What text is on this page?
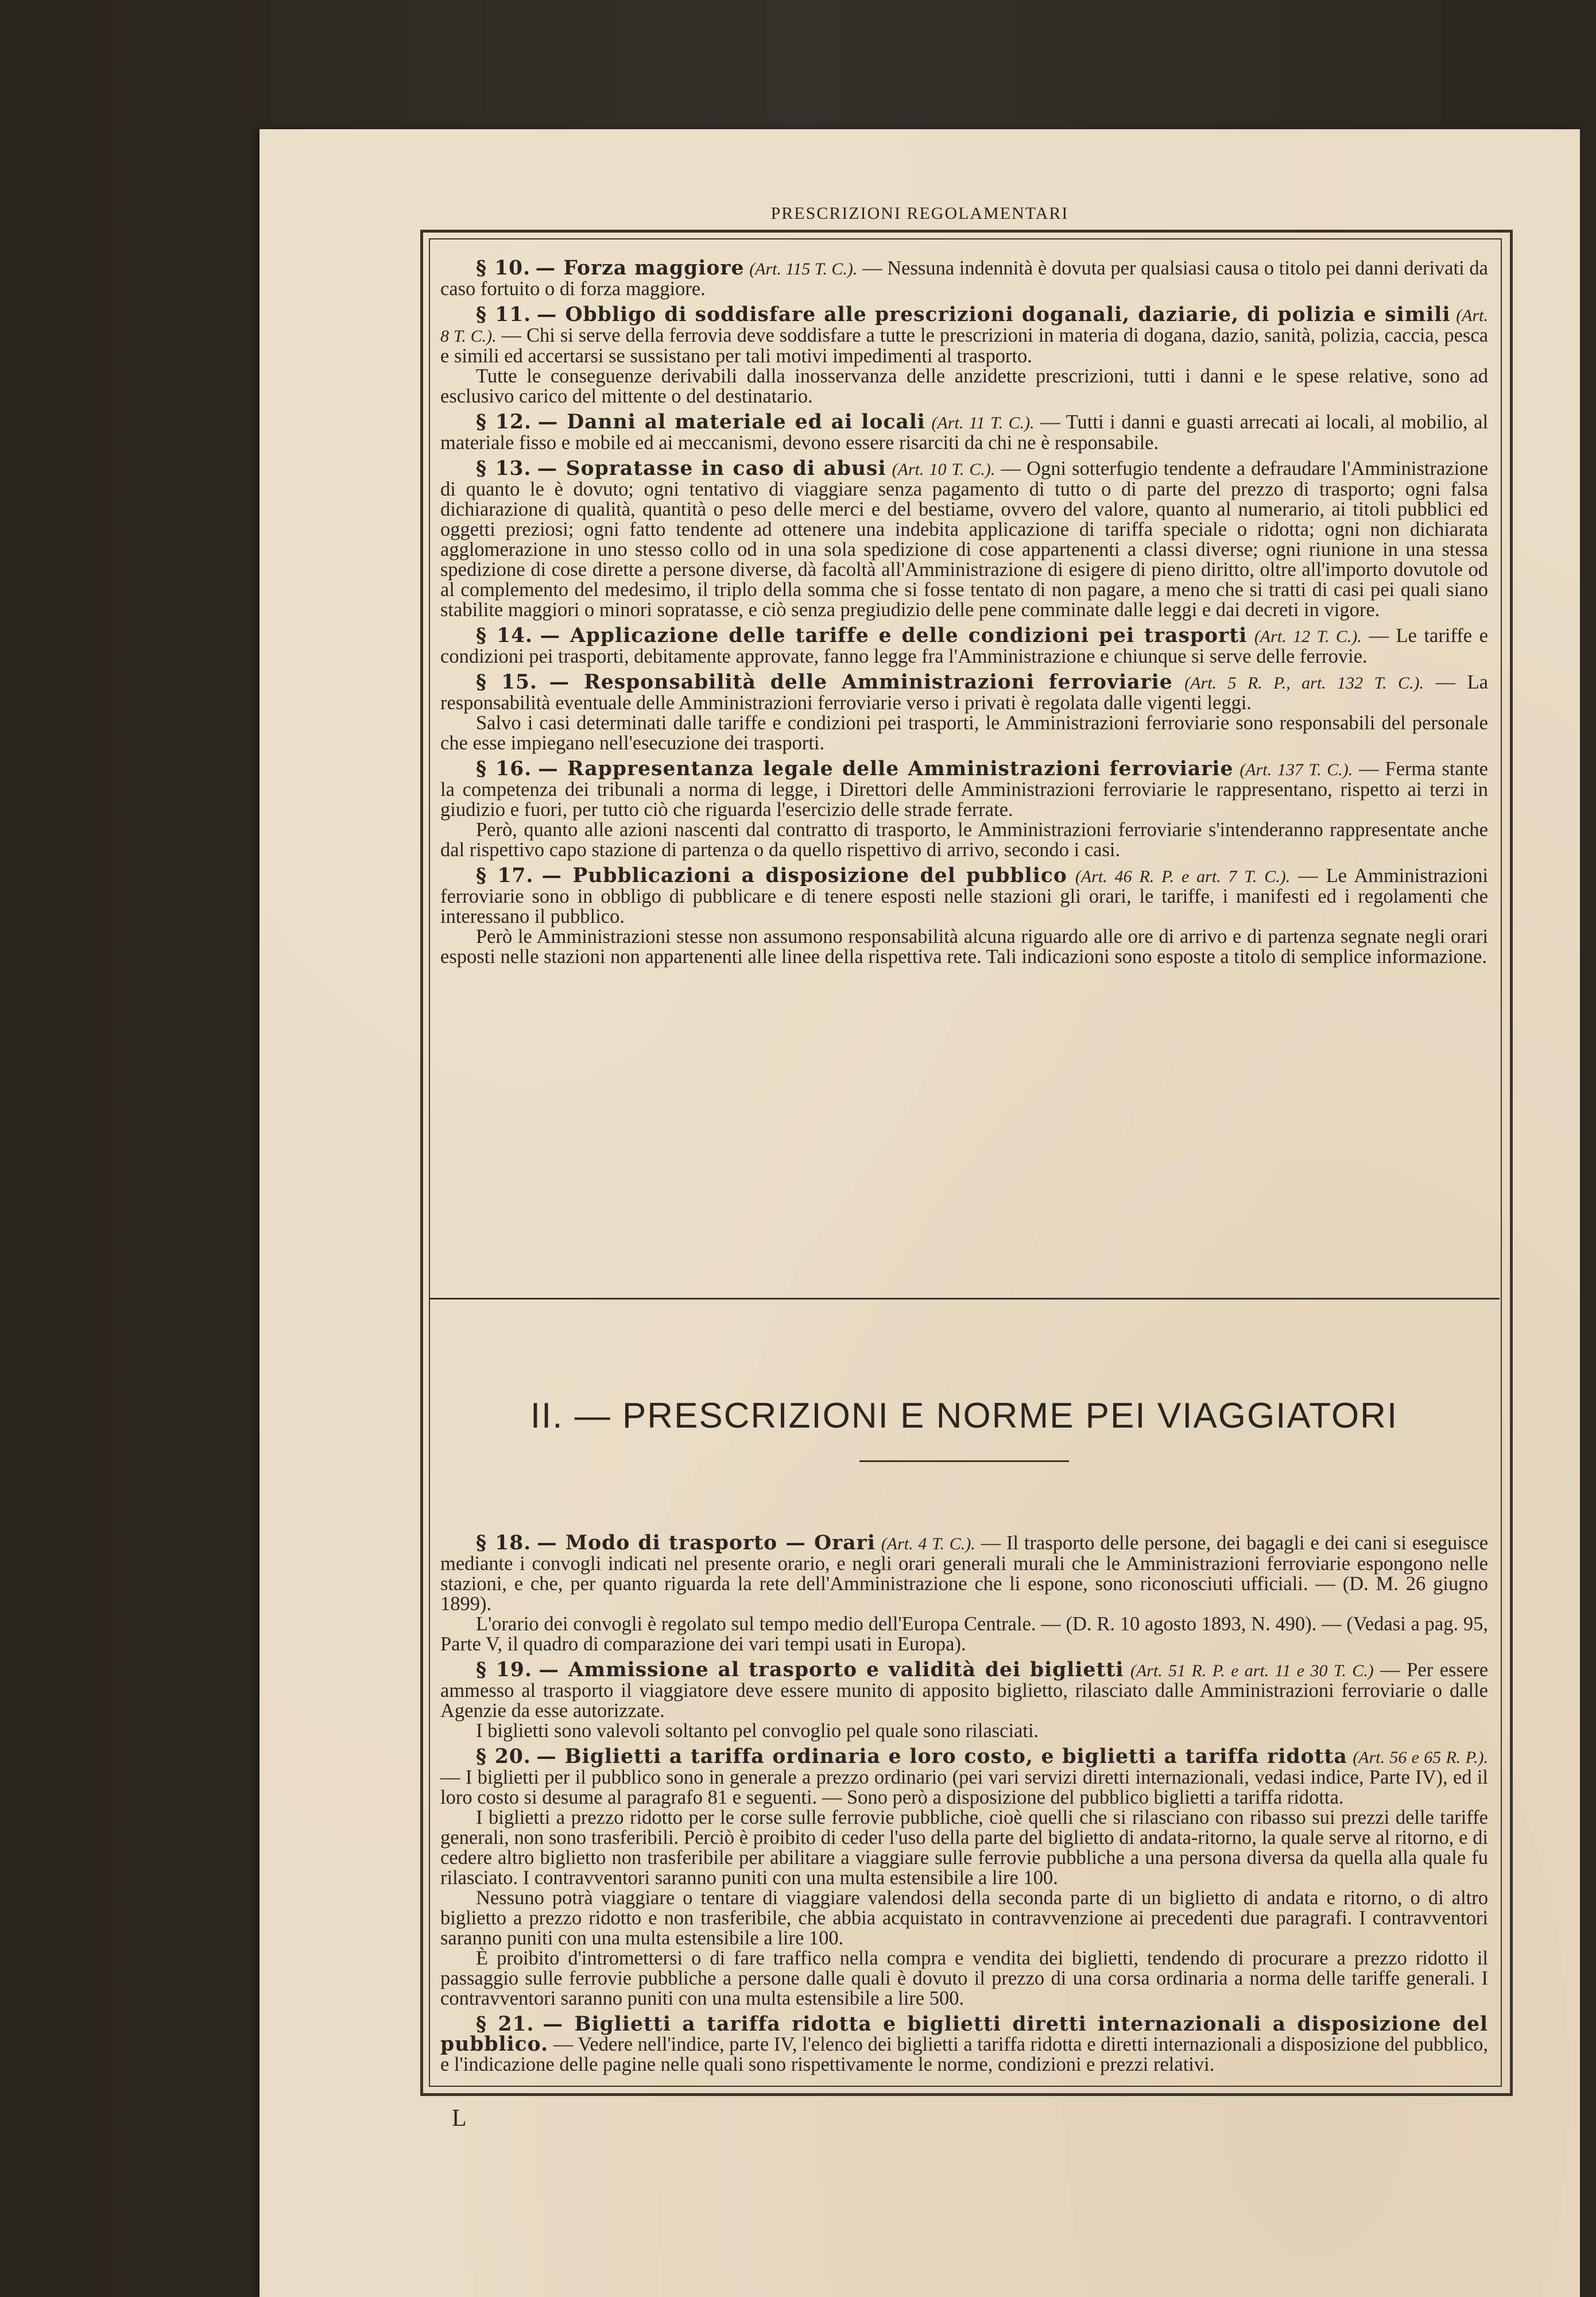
PRESCRIZIONI REGOLAMENTARI

§ 10. — Forza maggiore (Art. 115 T. C.). — Nessuna indennità è dovuta per qualsiasi causa o titolo pei danni derivati da caso fortuito o di forza maggiore.

§ 11. — Obbligo di soddisfare alle prescrizioni doganali, daziarie, di polizia e simili (Art. 8 T. C.). — Chi si serve della ferrovia deve soddisfare a tutte le prescrizioni in materia di dogana, dazio, sanità, polizia, caccia, pesca e simili ed accertarsi se sussistano per tali motivi impedimenti al trasporto.

Tutte le conseguenze derivabili dalla inosservanza delle anzidette prescrizioni, tutti i danni e le spese relative, sono ad esclusivo carico del mittente o del destinatario.

§ 12. — Danni al materiale ed ai locali (Art. 11 T. C.). — Tutti i danni e guasti arrecati ai locali, al mobilio, al materiale fisso e mobile ed ai meccanismi, devono essere risarciti da chi ne è responsabile.

§ 13. — Sopratasse in caso di abusi (Art. 10 T. C.). — Ogni sotterfugio tendente a defraudare l'Amministrazione di quanto le è dovuto; ogni tentativo di viaggiare senza pagamento di tutto o di parte del prezzo di trasporto; ogni falsa dichiarazione di qualità, quantità o peso delle merci e del bestiame, ovvero del valore, quanto al numerario, ai titoli pubblici ed oggetti preziosi; ogni fatto tendente ad ottenere una indebita applicazione di tariffa speciale o ridotta; ogni non dichiarata agglomerazione in uno stesso collo od in una sola spedizione di cose appartenenti a classi diverse; ogni riunione in una stessa spedizione di cose dirette a persone diverse, dà facoltà all'Amministrazione di esigere di pieno diritto, oltre all'importo dovutole od al complemento del medesimo, il triplo della somma che si fosse tentato di non pagare, a meno che si tratti di casi pei quali siano stabilite maggiori o minori sopratasse, e ciò senza pregiudizio delle pene comminate dalle leggi e dai decreti in vigore.

§ 14. — Applicazione delle tariffe e delle condizioni pei trasporti (Art. 12 T. C.). — Le tariffe e condizioni pei trasporti, debitamente approvate, fanno legge fra l'Amministrazione e chiunque si serve delle ferrovie.

§ 15. — Responsabilità delle Amministrazioni ferroviarie (Art. 5 R. P., art. 132 T. C.). — La responsabilità eventuale delle Amministrazioni ferroviarie verso i privati è regolata dalle vigenti leggi.

Salvo i casi determinati dalle tariffe e condizioni pei trasporti, le Amministrazioni ferroviarie sono responsabili del personale che esse impiegano nell'esecuzione dei trasporti.

§ 16. — Rappresentanza legale delle Amministrazioni ferroviarie (Art. 137 T. C.). — Ferma stante la competenza dei tribunali a norma di legge, i Direttori delle Amministrazioni ferroviarie le rappresentano, rispetto ai terzi in giudizio e fuori, per tutto ciò che riguarda l'esercizio delle strade ferrate.

Però, quanto alle azioni nascenti dal contratto di trasporto, le Amministrazioni ferroviarie s'intenderanno rappresentate anche dal rispettivo capo stazione di partenza o da quello rispettivo di arrivo, secondo i casi.

§ 17. — Pubblicazioni a disposizione del pubblico (Art. 46 R. P. e art. 7 T. C.). — Le Amministrazioni ferroviarie sono in obbligo di pubblicare e di tenere esposti nelle stazioni gli orari, le tariffe, i manifesti ed i regolamenti che interessano il pubblico.

Però le Amministrazioni stesse non assumono responsabilità alcuna riguardo alle ore di arrivo e di partenza segnate negli orari esposti nelle stazioni non appartenenti alle linee della rispettiva rete. Tali indicazioni sono esposte a titolo di semplice informazione.

II. — PRESCRIZIONI E NORME PEI VIAGGIATORI

§ 18. — Modo di trasporto — Orari (Art. 4 T. C.). — Il trasporto delle persone, dei bagagli e dei cani si eseguisce mediante i convogli indicati nel presente orario, e negli orari generali murali che le Amministrazioni ferroviarie espongono nelle stazioni, e che, per quanto riguarda la rete dell'Amministrazione che li espone, sono riconosciuti ufficiali. — (D. M. 26 giugno 1899).

L'orario dei convogli è regolato sul tempo medio dell'Europa Centrale. — (D. R. 10 agosto 1893, N. 490). — (Vedasi a pag. 95, Parte V, il quadro di comparazione dei vari tempi usati in Europa).

§ 19. — Ammissione al trasporto e validità dei biglietti (Art. 51 R. P. e art. 11 e 30 T. C.) — Per essere ammesso al trasporto il viaggiatore deve essere munito di apposito biglietto, rilasciato dalle Amministrazioni ferroviarie o dalle Agenzie da esse autorizzate.

I biglietti sono valevoli soltanto pel convoglio pel quale sono rilasciati.

§ 20. — Biglietti a tariffa ordinaria e loro costo, e biglietti a tariffa ridotta (Art. 56 e 65 R. P.). — I biglietti per il pubblico sono in generale a prezzo ordinario (pei vari servizi diretti internazionali, vedasi indice, Parte IV), ed il loro costo si desume al paragrafo 81 e seguenti. — Sono però a disposizione del pubblico biglietti a tariffa ridotta.

I biglietti a prezzo ridotto per le corse sulle ferrovie pubbliche, cioè quelli che si rilasciano con ribasso sui prezzi delle tariffe generali, non sono trasferibili. Perciò è proibito di ceder l'uso della parte del biglietto di andata-ritorno, la quale serve al ritorno, e di cedere altro biglietto non trasferibile per abilitare a viaggiare sulle ferrovie pubbliche a una persona diversa da quella alla quale fu rilasciato. I contravventori saranno puniti con una multa estensibile a lire 100.

Nessuno potrà viaggiare o tentare di viaggiare valendosi della seconda parte di un biglietto di andata e ritorno, o di altro biglietto a prezzo ridotto e non trasferibile, che abbia acquistato in contravvenzione ai precedenti due paragrafi. I contravventori saranno puniti con una multa estensibile a lire 100.

È proibito d'intromettersi o di fare traffico nella compra e vendita dei biglietti, tendendo di procurare a prezzo ridotto il passaggio sulle ferrovie pubbliche a persone dalle quali è dovuto il prezzo di una corsa ordinaria a norma delle tariffe generali. I contravventori saranno puniti con una multa estensibile a lire 500.

§ 21. — Biglietti a tariffa ridotta e biglietti diretti internazionali a disposizione del pubblico. — Vedere nell'indice, parte IV, l'elenco dei biglietti a tariffa ridotta e diretti internazionali a disposizione del pubblico, e l'indicazione delle pagine nelle quali sono rispettivamente le norme, condizioni e prezzi relativi.

L
